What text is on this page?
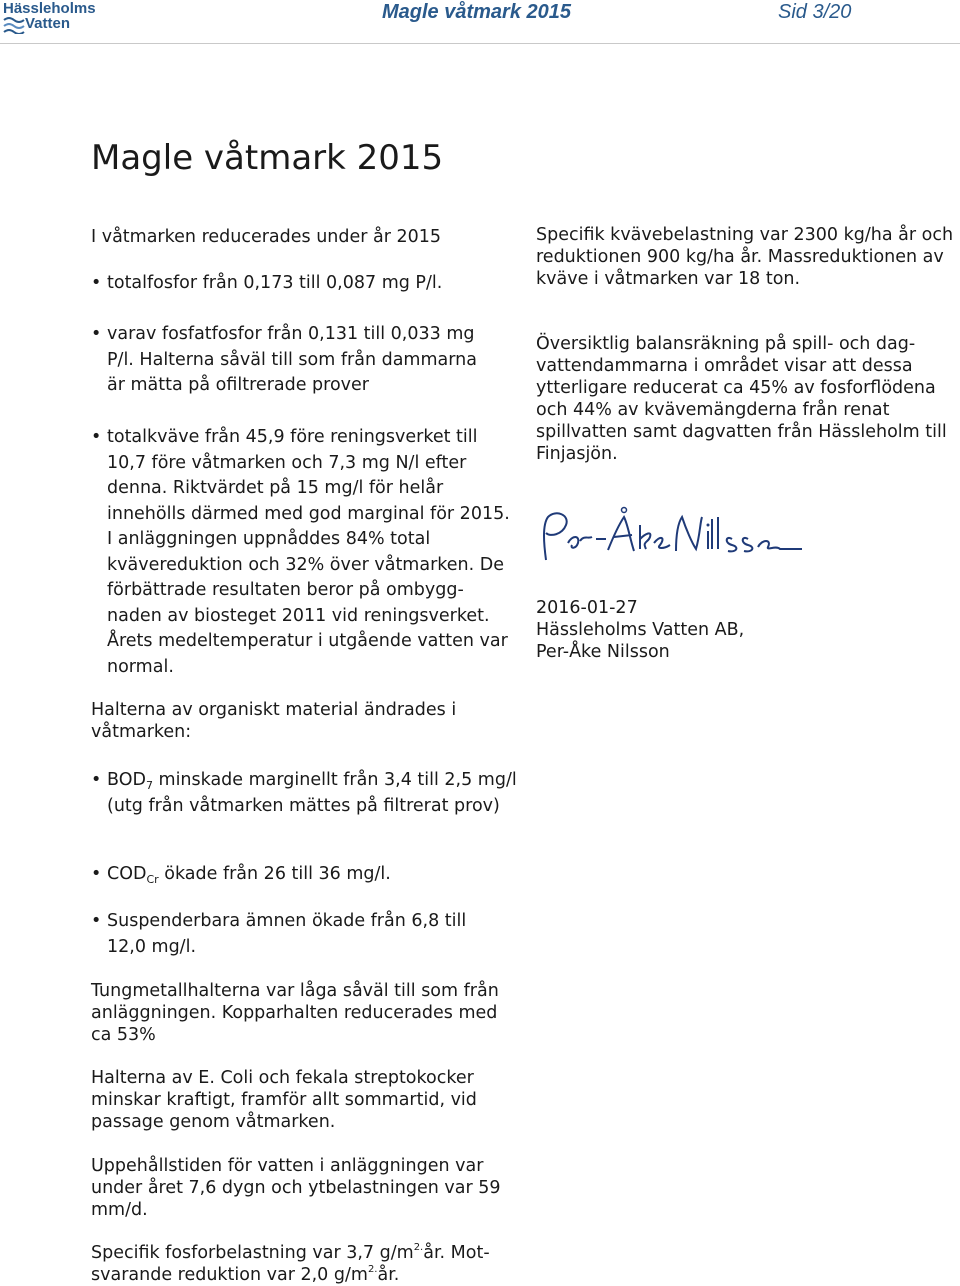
Hässleholms
Vatten
Magle våtmark 2015	Sid 3/20
Magle våtmark 2015

I våtmarken reducerades under år 2015

• totalfosfor från 0,173 till 0,087 mg P/l.
• varav fosfatfosfor från 0,131 till 0,033 mg P/l. Halterna såväl till som från dammarna är mätta på ofiltrerade prover
• totalkväve från 45,9 före reningsverket till 10,7 före våtmarken och 7,3 mg N/l efter denna. Riktvärdet på 15 mg/l för helår innehölls därmed med god marginal för 2015. I anläggningen uppnåddes 84% total kvävereduktion och 32% över våtmarken. De förbättrade resultaten beror på ombygg-naden av biosteget 2011 vid reningsverket. Årets medeltemperatur i utgående vatten var normal.

Halterna av organiskt material ändrades i våtmarken:

• $BOD_7$ minskade marginellt från 3,4 till 2,5 mg/l (utg från våtmarken mättes på filtrerat prov)
• $COD_{Cr}$ ökade från 26 till 36 mg/l.
• Suspenderbara ämnen ökade från 6,8 till 12,0 mg/l.

Tungmetallhalterna var låga såväl till som från anläggningen. Kopparhalten reducerades med ca 53%

Halterna av E. Coli och fekala streptokocker minskar kraftigt, framför allt sommartid, vid passage genom våtmarken.

Uppehållstiden för vatten i anläggningen var under året 7,6 dygn och ytbelastningen var 59 mm/d.

Specifik fosforbelastning var 3,7 $g/m^{2.}år$. Mot-svarande reduktion var 2,0 $g/m^{2.}år$.

Specifik kvävebelastning var 2300 kg/ha år och reduktionen 900 kg/ha år. Massreduktionen av kväve i våtmarken var 18 ton.

Översiktlig balansräkning på spill- och dag-vattendammarna i området visar att dessa ytterligare reducerat ca 45% av fosforflödena och 44% av kvävemängderna från renat spillvatten samt dagvatten från Hässleholm till Finjasjön.

2016-01-27

Hässleholms Vatten AB,

Per-Åke Nilsson
